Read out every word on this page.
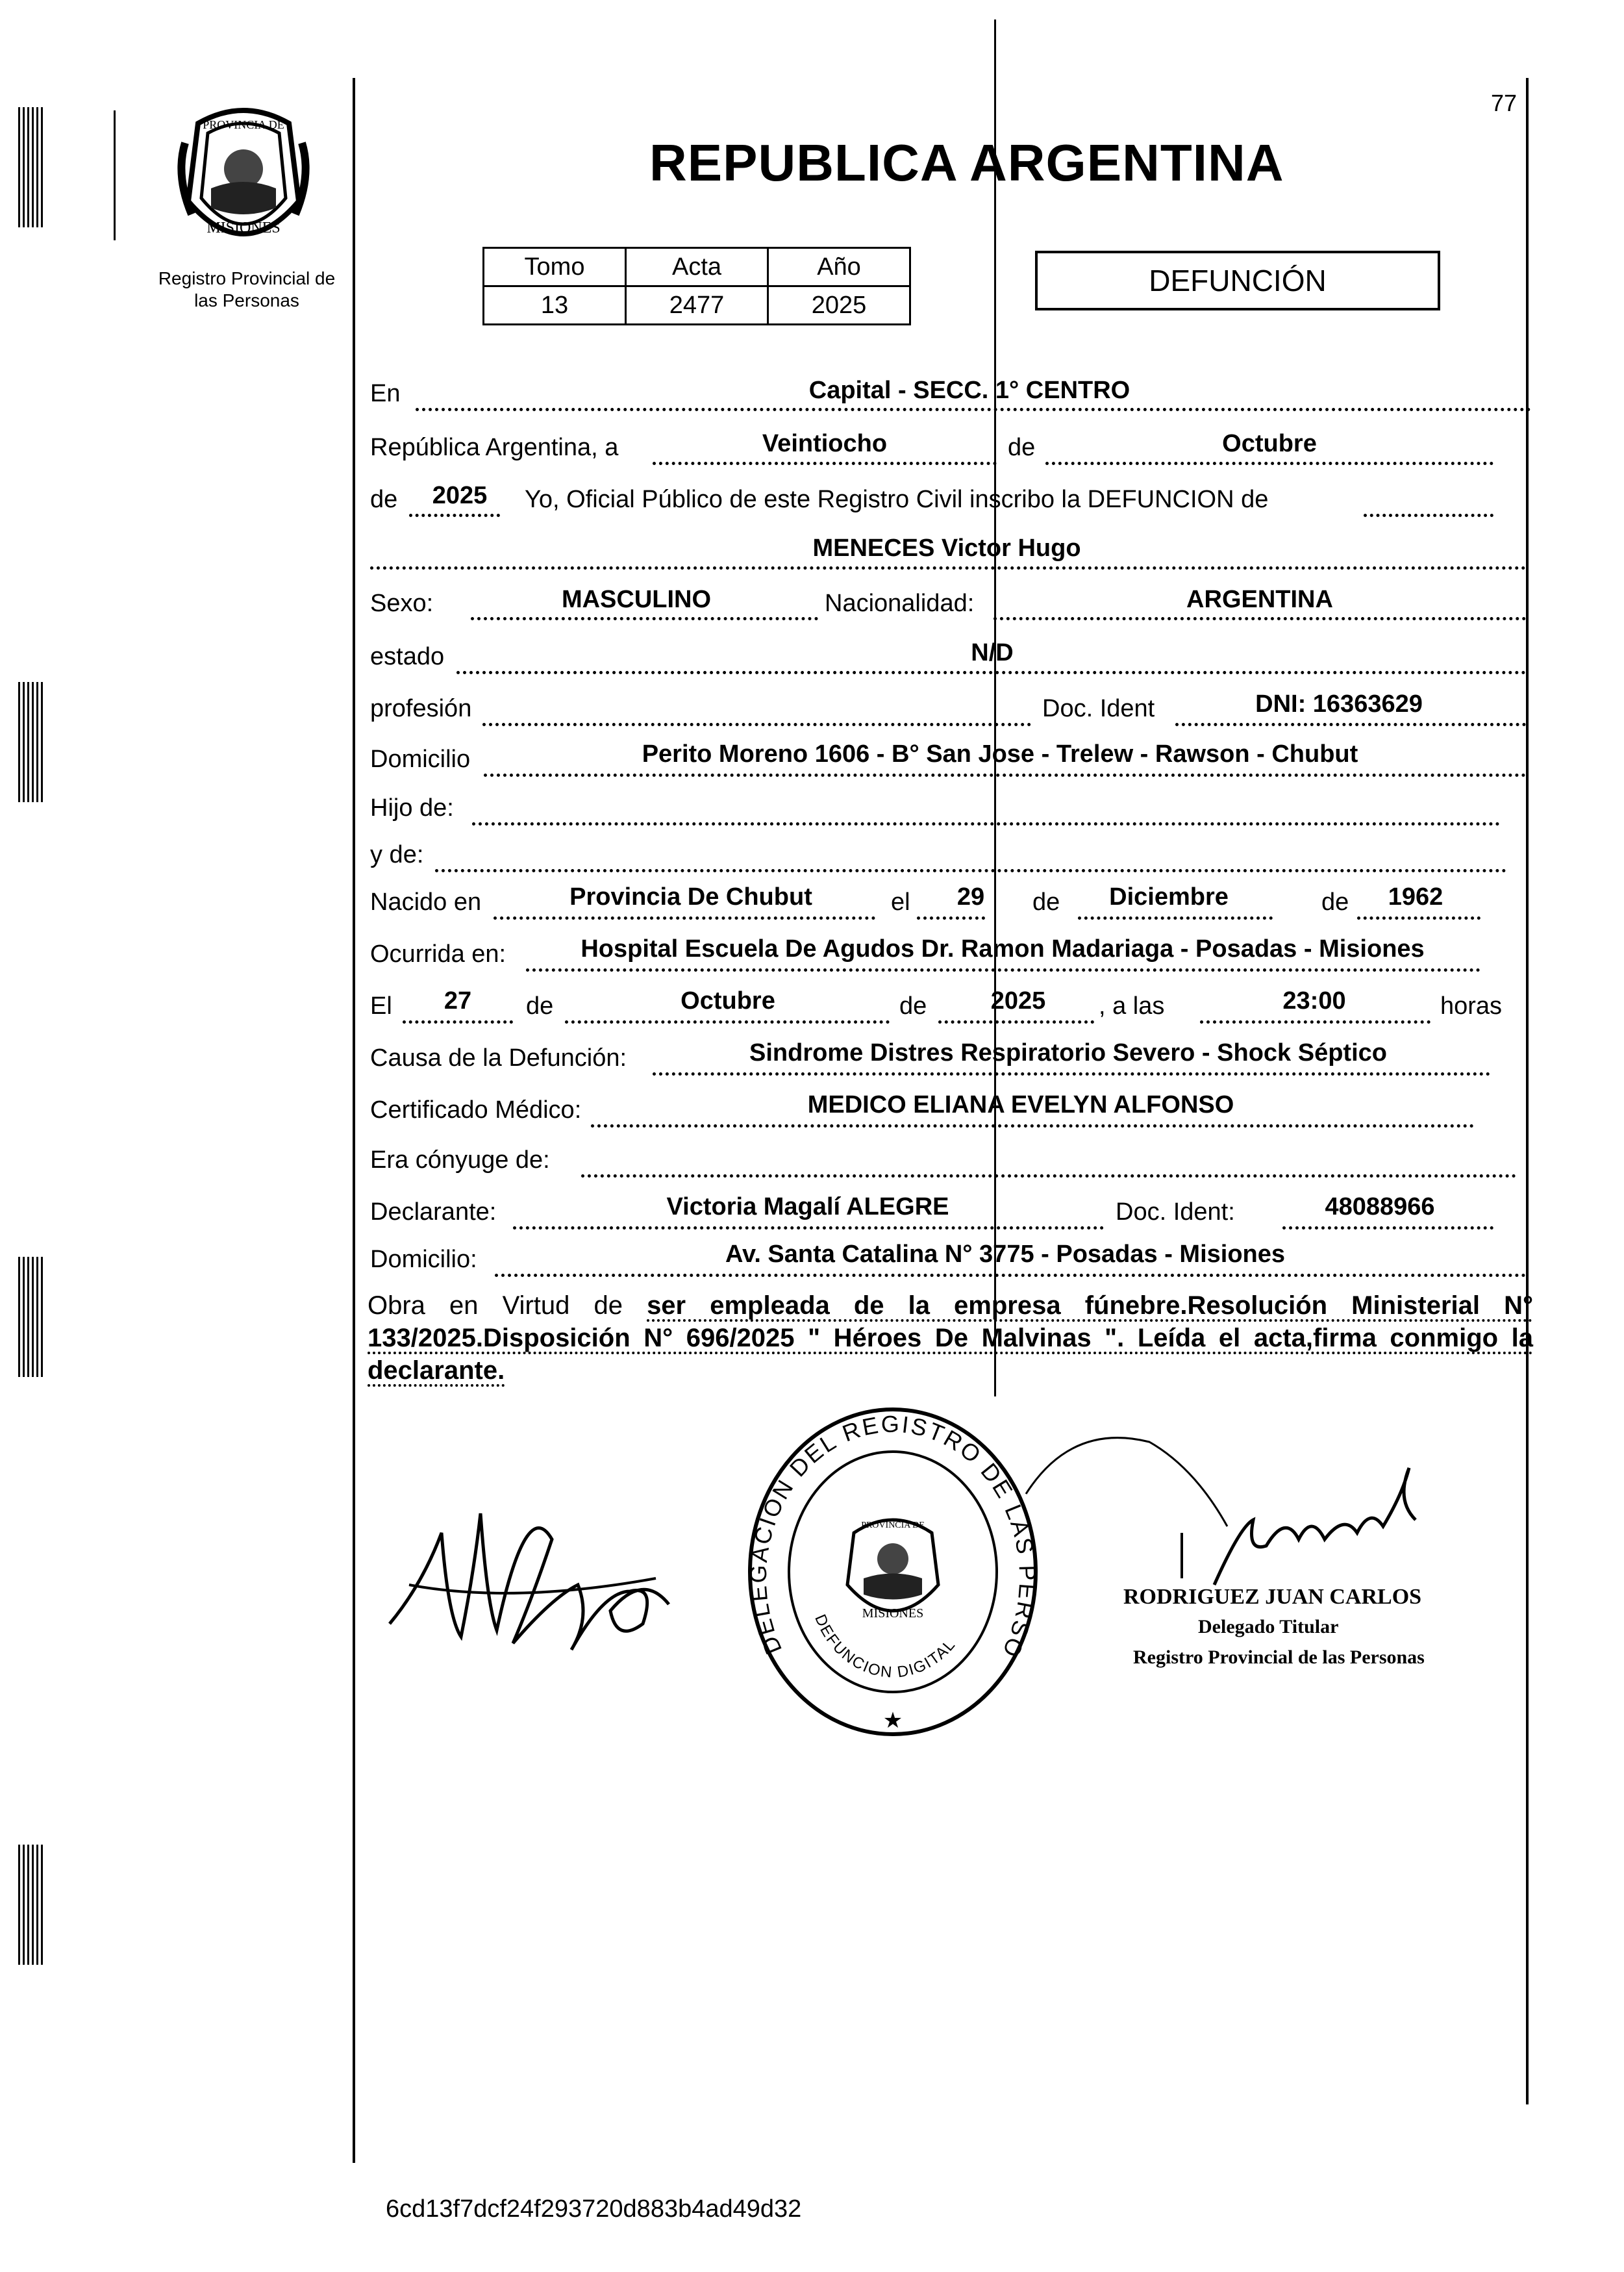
77
PROVINCIA DE
MISIONES
Registro Provincial de las Personas
REPUBLICA ARGENTINA
Tomo	Acta	Año
13	2477	2025
DEFUNCIÓN
En	Capital - SECC. 1° CENTRO
República Argentina, a	Veintiocho	de	Octubre
de 2025 Yo, Oficial Público de este Registro Civil inscribo la DEFUNCION de
MENECES Victor Hugo
Sexo:	MASCULINO	Nacionalidad:	ARGENTINA
estado	N/D
profesión	Doc. Ident	DNI: 16363629
Domicilio	Perito Moreno 1606 - B° San Jose - Trelew - Rawson - Chubut
Hijo de:
y de:
Nacido en	Provincia De Chubut	el 29 de Diciembre	de 1962
Ocurrida en:	Hospital Escuela De Agudos Dr. Ramon Madariaga - Posadas - Misiones
El 27 de	Octubre	de	2025 , a las	23:00	horas
Causa de la Defunción:	Sindrome Distres Respiratorio Severo - Shock Séptico
Certificado Médico:	MEDICO ELIANA EVELYN ALFONSO
Era cónyuge de:
Declarante:	Victoria Magalí ALEGRE	Doc. Ident:	48088966
Domicilio:	Av. Santa Catalina N° 3775 - Posadas - Misiones
Obra en Virtud de ser empleada de la empresa fúnebre.Resolución Ministerial N° 133/2025.Disposición N° 696/2025 " Héroes De Malvinas ". Leída el acta,firma conmigo la declarante.
PROVINCIA DE
MISIONES
DELEGACIÓN DEL REGISTRO DE LAS PERSO
DEFUNCION DIGITAL
★
RODRIGUEZ JUAN CARLOS
Delegado Titular
Registro Provincial de las Personas
6cd13f7dcf24f293720d883b4ad49d32
